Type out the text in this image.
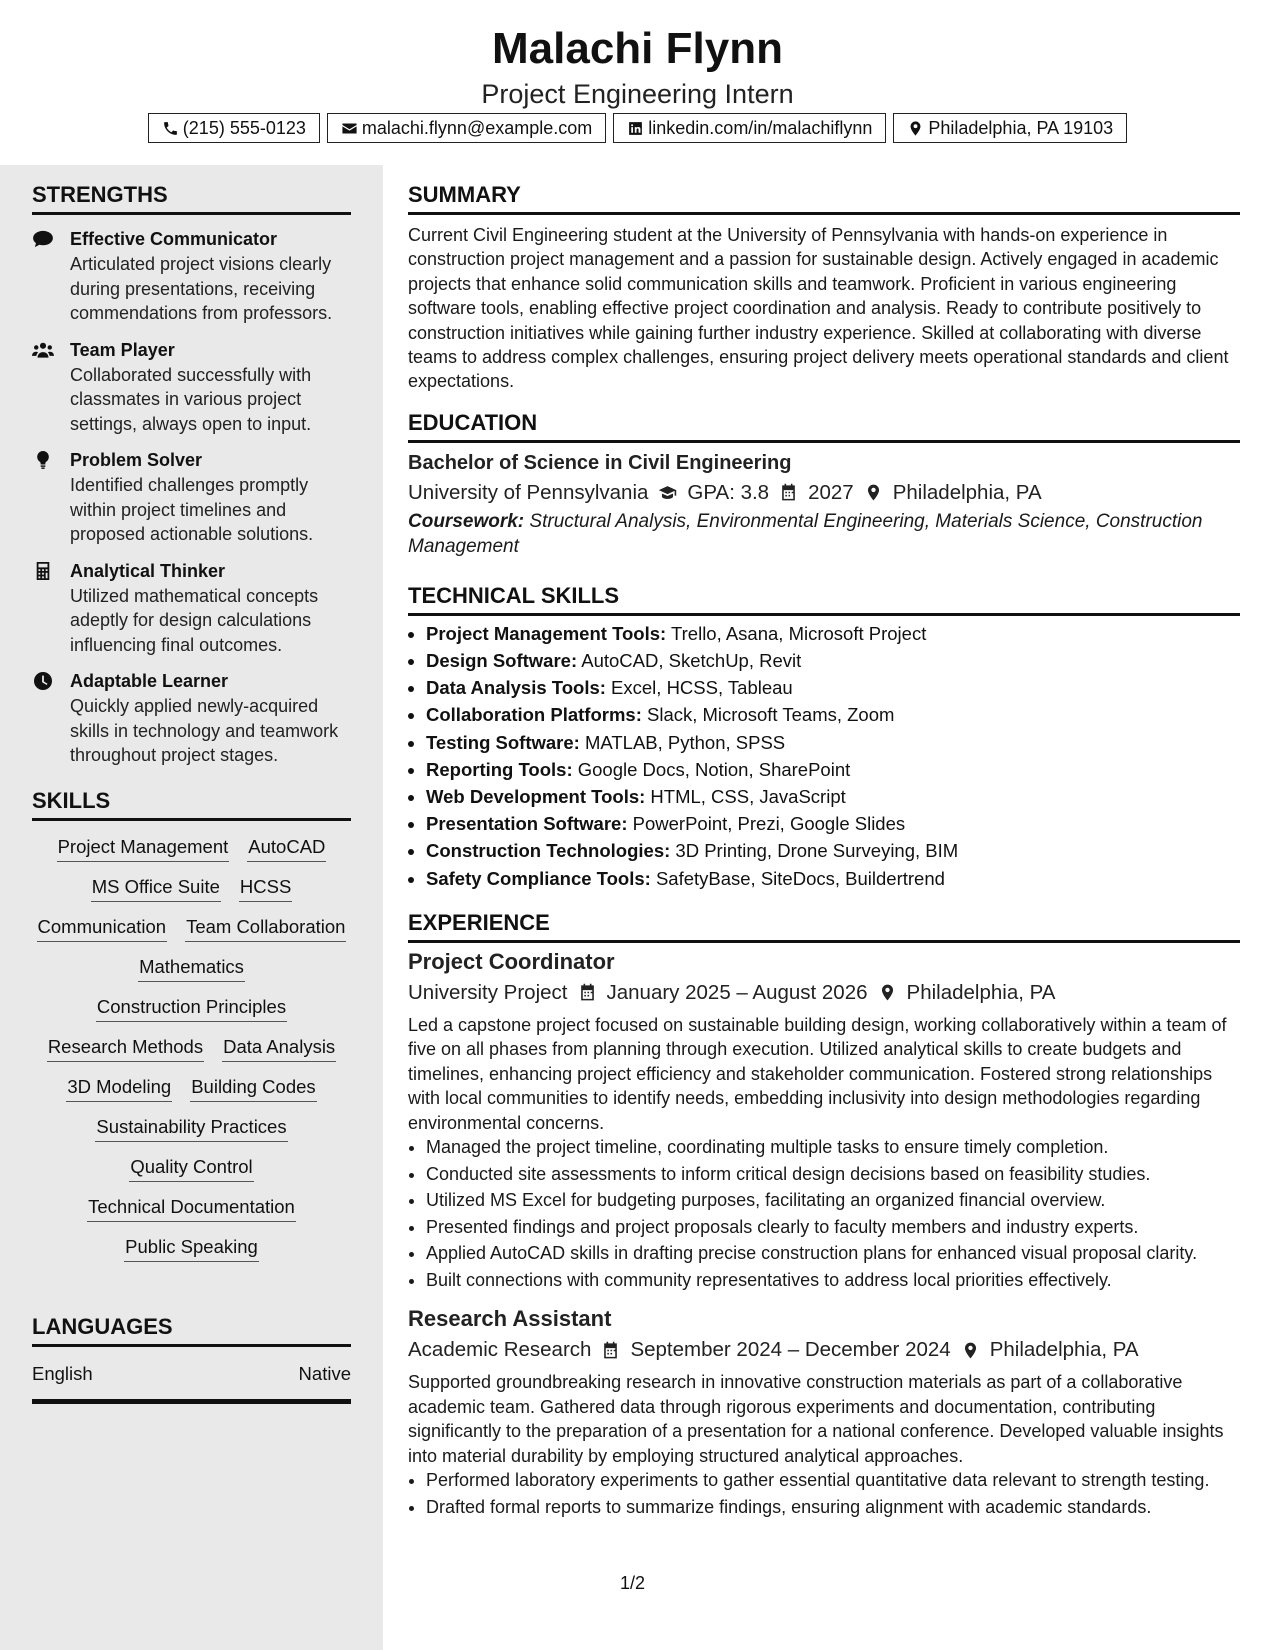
Malachi Flynn

Project Engineering Intern

(215) 555-0123	malachi.flynn@example.com	linkedin.com/in/malachiflynn	Philadelphia, PA 19103
STRENGTHS
Effective Communicator
Articulated project visions clearly during presentations, receiving commendations from professors.
Team Player
Collaborated successfully with classmates in various project settings, always open to input.
Problem Solver
Identified challenges promptly within project timelines and proposed actionable solutions.
Analytical Thinker
Utilized mathematical concepts adeptly for design calculations influencing final outcomes.
Adaptable Learner
Quickly applied newly-acquired skills in technology and teamwork throughout project stages.
SKILLS
Project Management AutoCAD
MS Office Suite HCSS
Communication Team Collaboration
Mathematics
Construction Principles
Research Methods Data Analysis
3D Modeling Building Codes
Sustainability Practices
Quality Control
Technical Documentation
Public Speaking
LANGUAGES
English	Native
SUMMARY

Current Civil Engineering student at the University of Pennsylvania with hands-on experience in construction project management and a passion for sustainable design. Actively engaged in academic projects that enhance solid communication skills and teamwork. Proficient in various engineering software tools, enabling effective project coordination and analysis. Ready to contribute positively to construction initiatives while gaining further industry experience. Skilled at collaborating with diverse teams to address complex challenges, ensuring project delivery meets operational standards and client expectations.

EDUCATION
Bachelor of Science in Civil Engineering
University of Pennsylvania GPA: 3.8 2027 Philadelphia, PA
Coursework: Structural Analysis, Environmental Engineering, Materials Science, Construction Management
TECHNICAL SKILLS
• Project Management Tools: Trello, Asana, Microsoft Project
• Design Software: AutoCAD, SketchUp, Revit
• Data Analysis Tools: Excel, HCSS, Tableau
• Collaboration Platforms: Slack, Microsoft Teams, Zoom
• Testing Software: MATLAB, Python, SPSS
• Reporting Tools: Google Docs, Notion, SharePoint
• Web Development Tools: HTML, CSS, JavaScript
• Presentation Software: PowerPoint, Prezi, Google Slides
• Construction Technologies: 3D Printing, Drone Surveying, BIM
• Safety Compliance Tools: SafetyBase, SiteDocs, Buildertrend
EXPERIENCE
Project Coordinator
University Project January 2025 – August 2026 Philadelphia, PA

Led a capstone project focused on sustainable building design, working collaboratively within a team of five on all phases from planning through execution. Utilized analytical skills to create budgets and timelines, enhancing project efficiency and stakeholder communication. Fostered strong relationships with local communities to identify needs, embedding inclusivity into design methodologies regarding environmental concerns.

• Managed the project timeline, coordinating multiple tasks to ensure timely completion.
• Conducted site assessments to inform critical design decisions based on feasibility studies.
• Utilized MS Excel for budgeting purposes, facilitating an organized financial overview.
• Presented findings and project proposals clearly to faculty members and industry experts.
• Applied AutoCAD skills in drafting precise construction plans for enhanced visual proposal clarity.
• Built connections with community representatives to address local priorities effectively.
Research Assistant
Academic Research September 2024 – December 2024 Philadelphia, PA

Supported groundbreaking research in innovative construction materials as part of a collaborative academic team. Gathered data through rigorous experiments and documentation, contributing significantly to the preparation of a presentation for a national conference. Developed valuable insights into material durability by employing structured analytical approaches.

• Performed laboratory experiments to gather essential quantitative data relevant to strength testing.
• Drafted formal reports to summarize findings, ensuring alignment with academic standards.
1/2
